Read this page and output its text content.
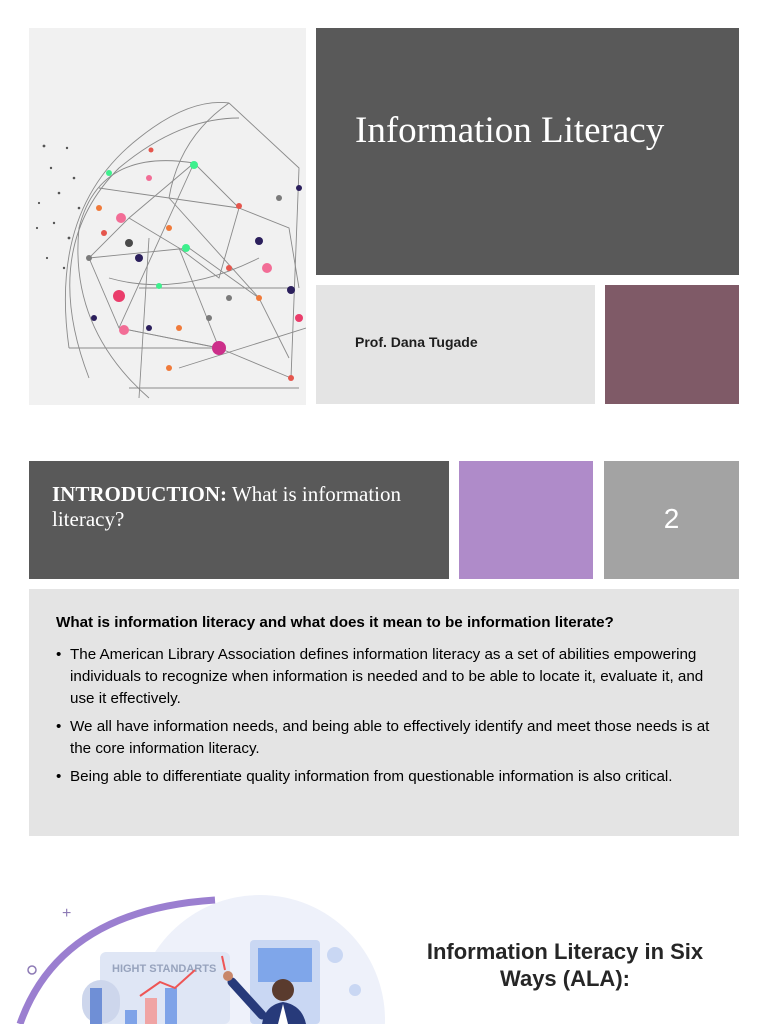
Information Literacy
Prof. Dana Tugade
INTRODUCTION: What is information literacy?	2
What is information literacy and what does it mean to be information literate?
• The American Library Association defines information literacy as a set of abilities empowering individuals to recognize when information is needed and to be able to locate it, evaluate it, and use it effectively.
• We all have information needs, and being able to effectively identify and meet those needs is at the core information literacy.
• Being able to differentiate quality information from questionable information is also critical.
+
HIGHT STANDARTS
Information Literacy in Six Ways (ALA):
